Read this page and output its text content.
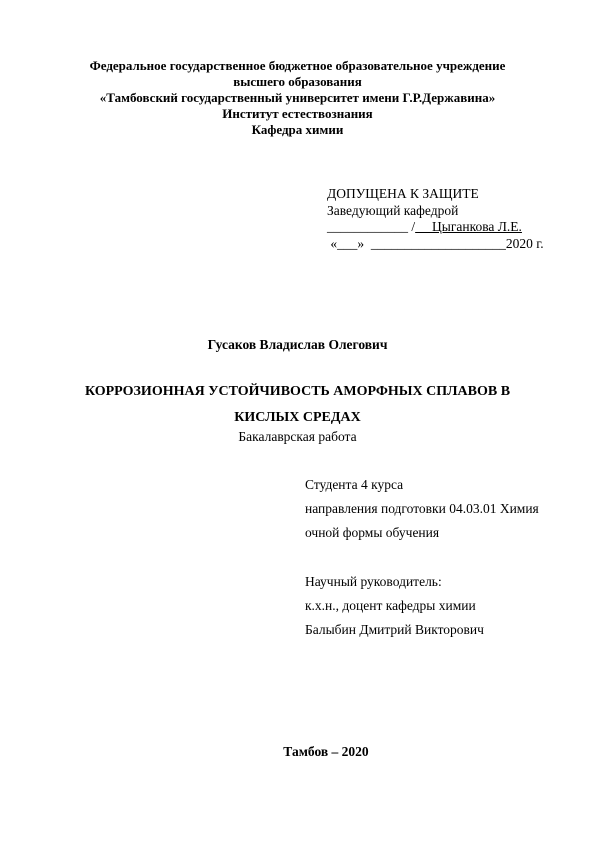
Федеральное государственное бюджетное образовательное учреждение
высшего образования
«Тамбовский государственный университет имени Г.Р.Державина»
Институт естествознания
Кафедра химии
ДОПУЩЕНА К ЗАЩИТЕ
Заведующий кафедрой
____________ /     Цыганкова Л.Е.
«___»  ____________________2020 г.
Гусаков Владислав Олегович
КОРРОЗИОННАЯ УСТОЙЧИВОСТЬ АМОРФНЫХ СПЛАВОВ В
КИСЛЫХ СРЕДАХ
Бакалаврская работа
Студента 4 курса
направления подготовки 04.03.01 Химия
очной формы обучения
Научный руководитель:
к.х.н., доцент кафедры химии
Балыбин Дмитрий Викторович
Тамбов – 2020
